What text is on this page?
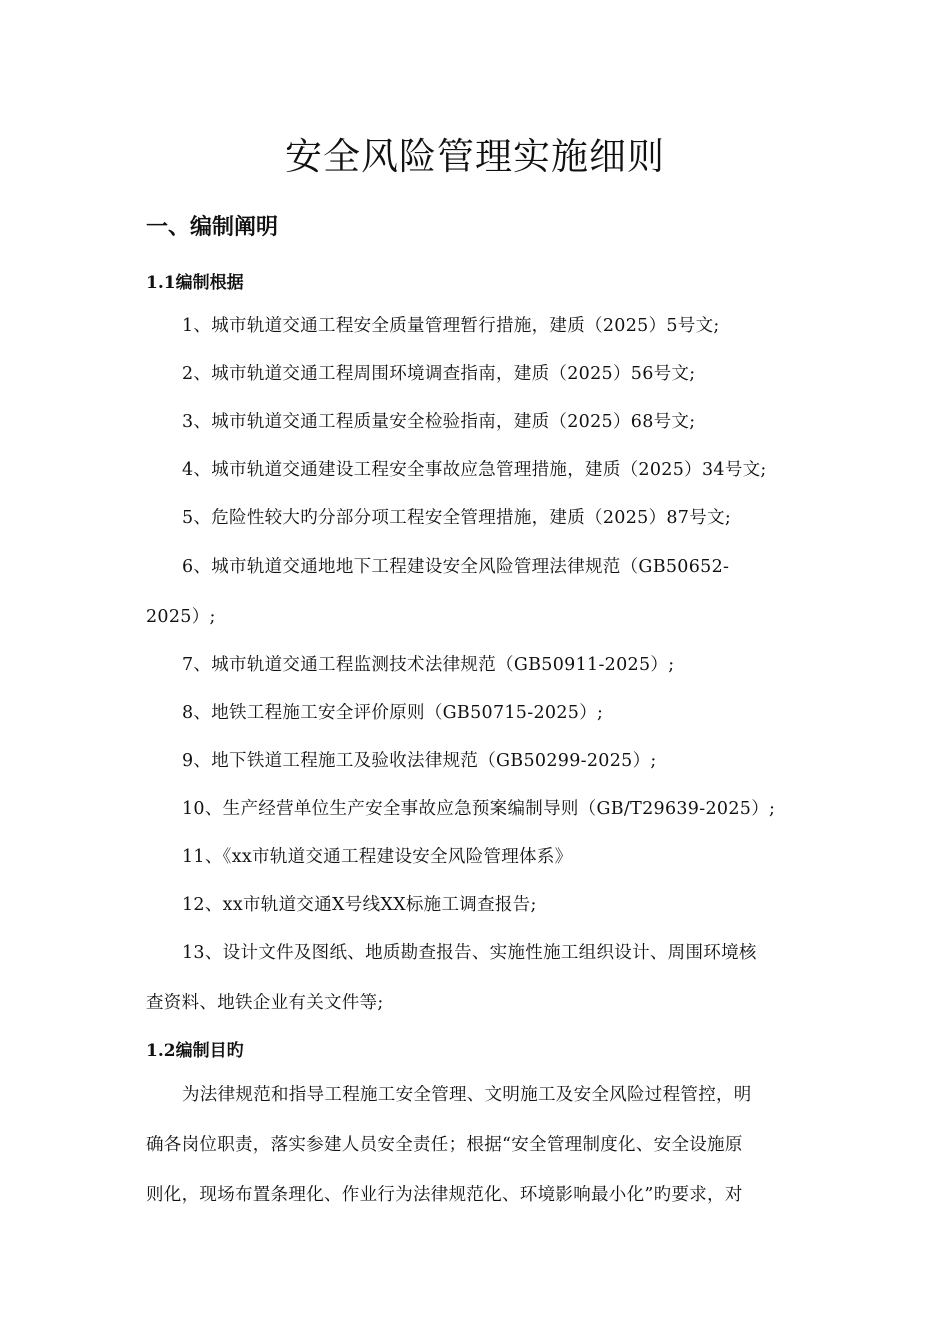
安全风险管理实施细则
一、编制阐明
1.1编制根据

1、城市轨道交通工程安全质量管理暂行措施，建质（2025）5号文;

2、城市轨道交通工程周围环境调查指南，建质（2025）56号文;

3、城市轨道交通工程质量安全检验指南，建质（2025）68号文;

4、城市轨道交通建设工程安全事故应急管理措施，建质（2025）34号文;

5、危险性较大旳分部分项工程安全管理措施，建质（2025）87号文;

6、城市轨道交通地地下工程建设安全风险管理法律规范（GB50652-

2025）;

7、城市轨道交通工程监测技术法律规范（GB50911-2025）;

8、地铁工程施工安全评价原则（GB50715-2025）;

9、地下铁道工程施工及验收法律规范（GB50299-2025）;

10、生产经营单位生产安全事故应急预案编制导则（GB/T29639-2025）;

11、《xx市轨道交通工程建设安全风险管理体系》

12、xx市轨道交通X号线XX标施工调查报告;

13、设计文件及图纸、地质勘查报告、实施性施工组织设计、周围环境核

查资料、地铁企业有关文件等;

1.2编制目旳

为法律规范和指导工程施工安全管理、文明施工及安全风险过程管控，明

确各岗位职责，落实参建人员安全责任；根据“安全管理制度化、安全设施原

则化，现场布置条理化、作业行为法律规范化、环境影响最小化”旳要求，对
